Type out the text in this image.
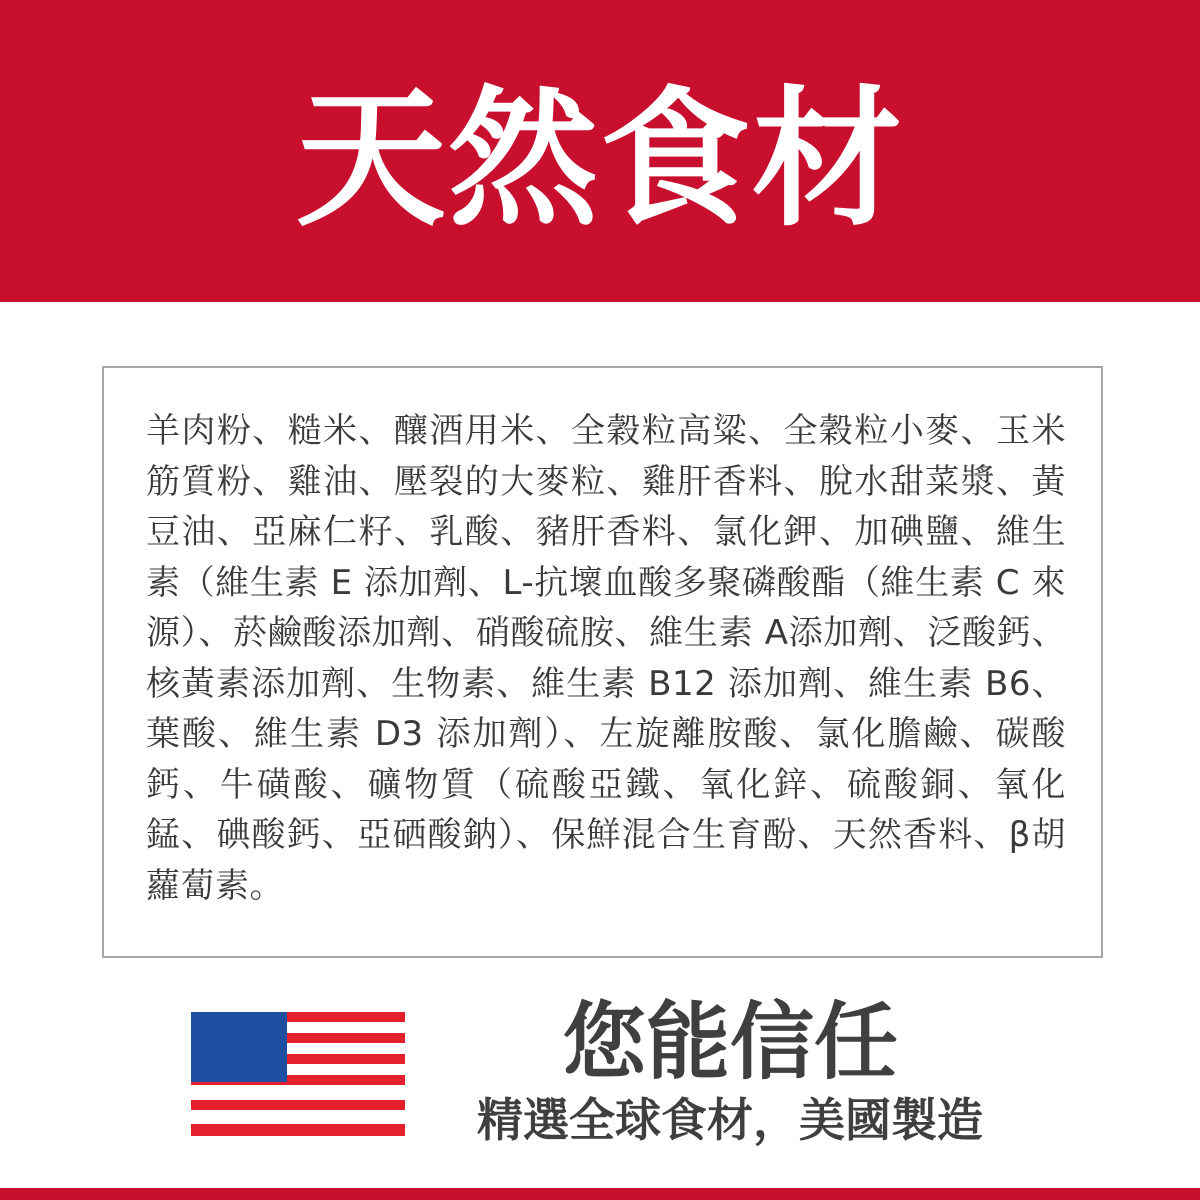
天然食材
羊肉粉、糙米、釀酒用米、全穀粒高粱、全穀粒小麥、玉米筋質粉、雞油、壓裂的大麥粒、雞肝香料、脫水甜菜漿、黃豆油、亞麻仁籽、乳酸、豬肝香料、氯化鉀、加碘鹽、維生素（維生素 E 添加劑、L-抗壞血酸多聚磷酸酯（維生素 C 來源）、菸鹼酸添加劑、硝酸硫胺、維生素 A添加劑、泛酸鈣、核黃素添加劑、生物素、維生素 B12 添加劑、維生素 B6、葉酸、維生素 D3 添加劑）、左旋離胺酸、氯化膽鹼、碳酸鈣、牛磺酸、礦物質（硫酸亞鐵、氧化鋅、硫酸銅、氧化錳、碘酸鈣、亞硒酸鈉）、保鮮混合生育酚、天然香料、β胡蘿蔔素。
您能信任
精選全球食材，美國製造
